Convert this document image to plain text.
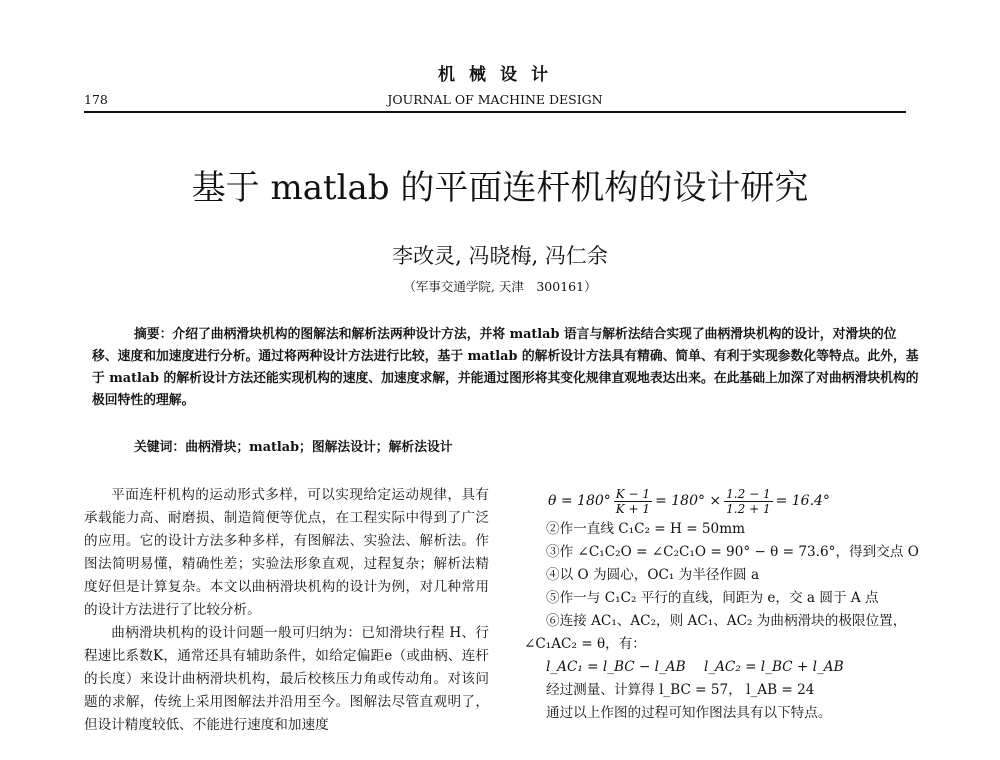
机械设计
178	JOURNAL OF MACHINE DESIGN
基于 matlab 的平面连杆机构的设计研究
李改灵, 冯晓梅, 冯仁余
（军事交通学院, 天津　300161）
摘要：介绍了曲柄滑块机构的图解法和解析法两种设计方法，并将 matlab 语言与解析法结合实现了曲柄滑块机构的设计，对滑块的位移、速度和加速度进行分析。通过将两种设计方法进行比较，基于 matlab 的解析设计方法具有精确、简单、有利于实现参数化等特点。此外，基于 matlab 的解析设计方法还能实现机构的速度、加速度求解，并能通过图形将其变化规律直观地表达出来。在此基础上加深了对曲柄滑块机构的极回特性的理解。
关键词：曲柄滑块；matlab；图解法设计；解析法设计

平面连杆机构的运动形式多样，可以实现给定运动规律，具有承载能力高、耐磨损、制造简便等优点，在工程实际中得到了广泛的应用。它的设计方法多种多样，有图解法、实验法、解析法。作图法简明易懂，精确性差；实验法形象直观，过程复杂；解析法精度好但是计算复杂。本文以曲柄滑块机构的设计为例，对几种常用的设计方法进行了比较分析。

曲柄滑块机构的设计问题一般可归纳为：已知滑块行程 H、行程速比系数K，通常还具有辅助条件，如给定偏距e（或曲柄、连杆的长度）来设计曲柄滑块机构，最后校核压力角或传动角。对该问题的求解，传统上采用图解法并沿用至今。图解法尽管直观明了，但设计精度较低、不能进行速度和加速度

$\theta = 180^\circ \frac{K - 1}{K + 1} = 180^\circ \times \frac{1.2 - 1}{1.2 + 1} = 16.4^\circ$
②作一直线 C₁C₂ = H = 50mm
③作 ∠C₁C₂O = ∠C₂C₁O = 90° − θ = 73.6°，得到交点 O
④以 O 为圆心，OC₁ 为半径作圆 a
⑤作一与 C₁C₂ 平行的直线，间距为 e，交 a 圆于 A 点
⑥连接 AC₁、AC₂，则 AC₁、AC₂ 为曲柄滑块的极限位置，
∠C₁AC₂ = θ，有：
l_AC₁ = l_BC − l_AB l_AC₂ = l_BC + l_AB
经过测量、计算得 l_BC = 57， l_AB = 24
通过以上作图的过程可知作图法具有以下特点。
